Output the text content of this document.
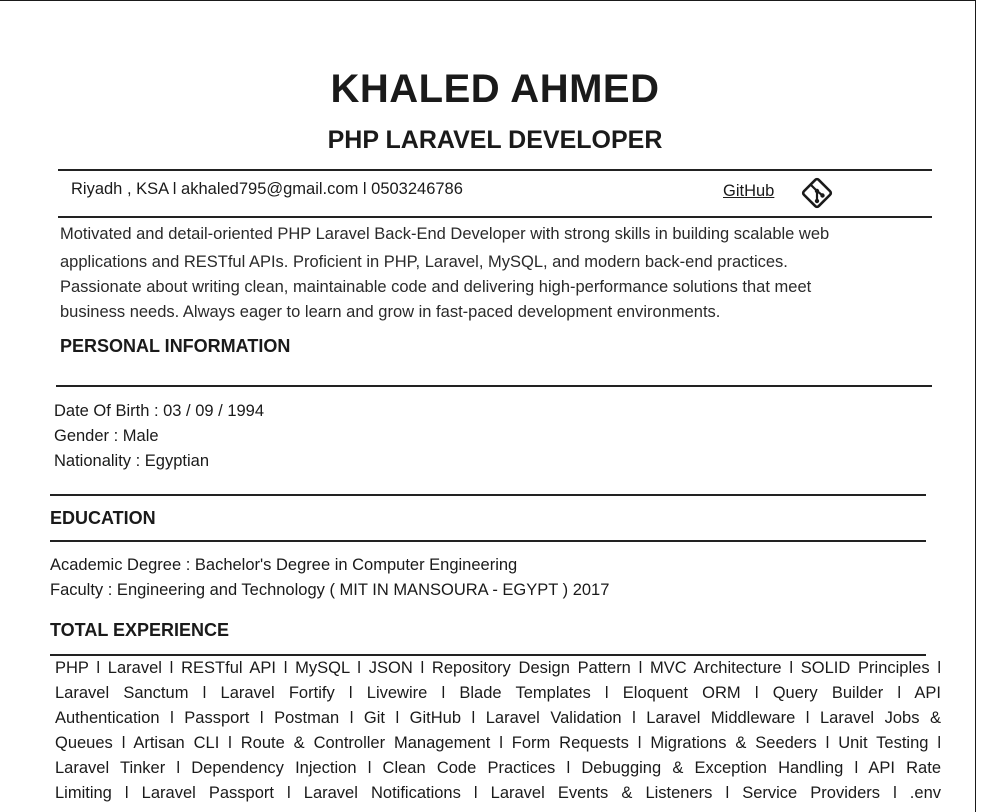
KHALED AHMED
PHP LARAVEL DEVELOPER
Riyadh , KSA l akhaled795@gmail.com l 0503246786	GitHub
Motivated and detail-oriented PHP Laravel Back-End Developer with strong skills in building scalable web
applications and RESTful APIs. Proficient in PHP, Laravel, MySQL, and modern back-end practices.
Passionate about writing clean, maintainable code and delivering high-performance solutions that meet
business needs. Always eager to learn and grow in fast-paced development environments.
PERSONAL INFORMATION
Date Of Birth : 03 / 09 / 1994
Gender : Male
Nationality : Egyptian
EDUCATION
Academic Degree : Bachelor's Degree in Computer Engineering
Faculty : Engineering and Technology ( MIT IN MANSOURA - EGYPT ) 2017
TOTAL EXPERIENCE
PHP l Laravel l RESTful API l MySQL l JSON l Repository Design Pattern l MVC Architecture l SOLID Principles l
Laravel Sanctum l Laravel Fortify l Livewire l Blade Templates l Eloquent ORM l Query Builder l API
Authentication l Passport l Postman l Git l GitHub l Laravel Validation l Laravel Middleware l Laravel Jobs &
Queues l Artisan CLI l Route & Controller Management l Form Requests l Migrations & Seeders l Unit Testing l
Laravel Tinker l Dependency Injection l Clean Code Practices l Debugging & Exception Handling l API Rate
Limiting l Laravel Passport l Laravel Notifications l Laravel Events & Listeners l Service Providers l .env
